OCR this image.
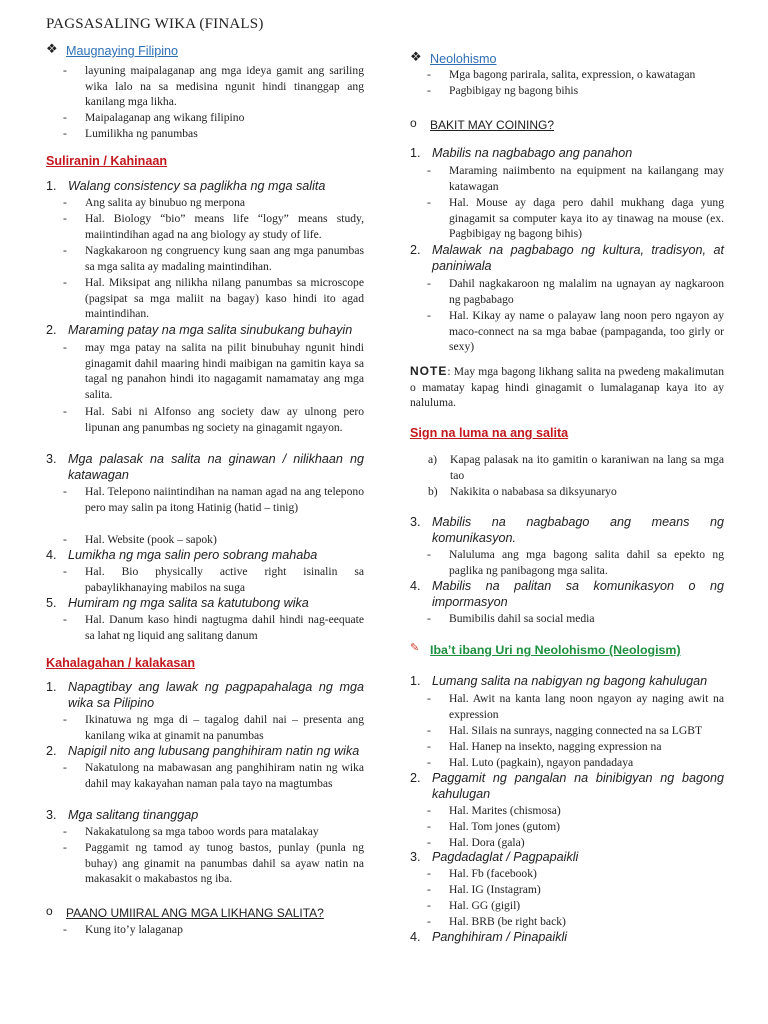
PAGSASALING WIKA (FINALS)
❖ Maugnaying Filipino
- layuning maipalaganap ang mga ideya gamit ang sariling wika lalo na sa medisina ngunit hindi tinanggap ang kanilang mga likha.
- Maipalaganap ang wikang filipino
- Lumilikha ng panumbas
Suliranin / Kahinaan
1. Walang consistency sa paglikha ng mga salita
- Ang salita ay binubuo ng merpona
- Hal. Biology “bio” means life “logy” means study, maiintindihan agad na ang biology ay study of life.
- Nagkakaroon ng congruency kung saan ang mga panumbas sa mga salita ay madaling maintindihan.
- Hal. Miksipat ang nilikha nilang panumbas sa microscope (pagsipat sa mga maliit na bagay) kaso hindi ito agad maintindihan.
2. Maraming patay na mga salita sinubukang buhayin
- may mga patay na salita na pilit binubuhay ngunit hindi ginagamit dahil maaring hindi maibigan na gamitin kaya sa tagal ng panahon hindi ito nagagamit namamatay ang mga salita.
- Hal. Sabi ni Alfonso ang society daw ay ulnong pero lipunan ang panumbas ng society na ginagamit ngayon.
3. Mga palasak na salita na ginawan / nilikhaan ng katawagan
- Hal. Telepono naiintindihan na naman agad na ang telepono pero may salin pa itong Hatinig (hatid – tinig)
- Hal. Website (pook – sapok)
4. Lumikha ng mga salin pero sobrang mahaba
- Hal. Bio physically active right isinalin sa pabaylikhanaying mabilos na suga
5. Humiram ng mga salita sa katutubong wika
- Hal. Danum kaso hindi nagtugma dahil hindi nag-eequate sa lahat ng liquid ang salitang danum
Kahalagahan / kalakasan
1. Napagtibay ang lawak ng pagpapahalaga ng mga wika sa Pilipino
- Ikinatuwa ng mga di – tagalog dahil nai – presenta ang kanilang wika at ginamit na panumbas
2. Napigil nito ang lubusang panghihiram natin ng wika
- Nakatulong na mabawasan ang panghihiram natin ng wika dahil may kakayahan naman pala tayo na magtumbas
3. Mga salitang tinanggap
- Nakakatulong sa mga taboo words para matalakay
- Paggamit ng tamod ay tunog bastos, punlay (punla ng buhay) ang ginamit na panumbas dahil sa ayaw natin na makasakit o makabastos ng iba.
o PAANO UMIIRAL ANG MGA LIKHANG SALITA?
- Kung ito’y lalaganap
❖ Neolohismo
- Mga bagong parirala, salita, expression, o kawatagan
- Pagbibigay ng bagong bihis
o BAKIT MAY COINING?
1. Mabilis na nagbabago ang panahon
- Maraming naiimbento na equipment na kailangang may katawagan
- Hal. Mouse ay daga pero dahil mukhang daga yung ginagamit sa computer kaya ito ay tinawag na mouse (ex. Pagbibigay ng bagong bihis)
2. Malawak na pagbabago ng kultura, tradisyon, at paniniwala
- Dahil nagkakaroon ng malalim na ugnayan ay nagkaroon ng pagbabago
- Hal. Kikay ay name o palayaw lang noon pero ngayon ay maco-connect na sa mga babae (pampaganda, too girly or sexy)
NOTE: May mga bagong likhang salita na pwedeng makalimutan o mamatay kapag hindi ginagamit o lumalaganap kaya ito ay naluluma.
Sign na luma na ang salita
a) Kapag palasak na ito gamitin o karaniwan na lang sa mga tao
b) Nakikita o nababasa sa diksyunaryo
3. Mabilis na nagbabago ang means ng komunikasyon.
- Naluluma ang mga bagong salita dahil sa epekto ng paglika ng panibagong mga salita.
4. Mabilis na palitan sa komunikasyon o ng impormasyon
- Bumibilis dahil sa social media
✎ Iba’t ibang Uri ng Neolohismo (Neologism)
1. Lumang salita na nabigyan ng bagong kahulugan
- Hal. Awit na kanta lang noon ngayon ay naging awit na expression
- Hal. Silais na sunrays, nagging connected na sa LGBT
- Hal. Hanep na insekto, nagging expression na
- Hal. Luto (pagkain), ngayon pandadaya
2. Paggamit ng pangalan na binibigyan ng bagong kahulugan
- Hal. Marites (chismosa)
- Hal. Tom jones (gutom)
- Hal. Dora (gala)
3. Pagdadaglat / Pagpapaikli
- Hal. Fb (facebook)
- Hal. IG (Instagram)
- Hal. GG (gigil)
- Hal. BRB (be right back)
4. Panghihiram / Pinapaikli
